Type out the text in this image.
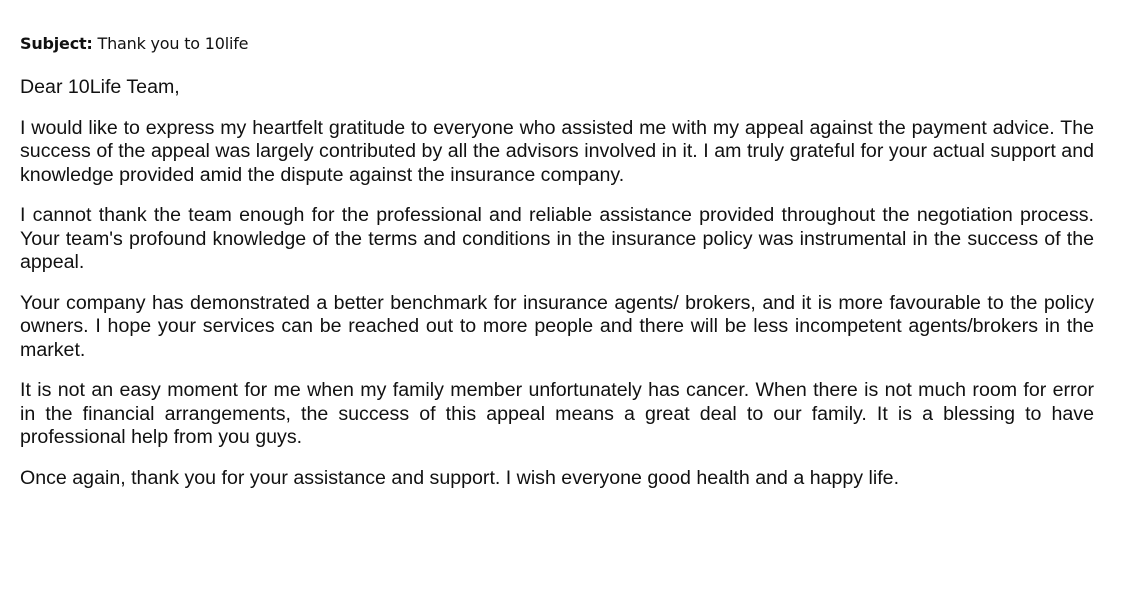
Subject: Thank you to 10life

Dear 10Life Team,

I would like to express my heartfelt gratitude to everyone who assisted me with my appeal against the payment advice. The success of the appeal was largely contributed by all the advisors involved in it. I am truly grateful for your actual support and knowledge provided amid the dispute against the insurance company.

I cannot thank the team enough for the professional and reliable assistance provided throughout the negotiation process. Your team's profound knowledge of the terms and conditions in the insurance policy was instrumental in the success of the appeal.

Your company has demonstrated a better benchmark for insurance agents/ brokers, and it is more favourable to the policy owners. I hope your services can be reached out to more people and there will be less incompetent agents/brokers in the market.

It is not an easy moment for me when my family member unfortunately has cancer. When there is not much room for error in the financial arrangements, the success of this appeal means a great deal to our family. It is a blessing to have professional help from you guys.

Once again, thank you for your assistance and support. I wish everyone good health and a happy life.
